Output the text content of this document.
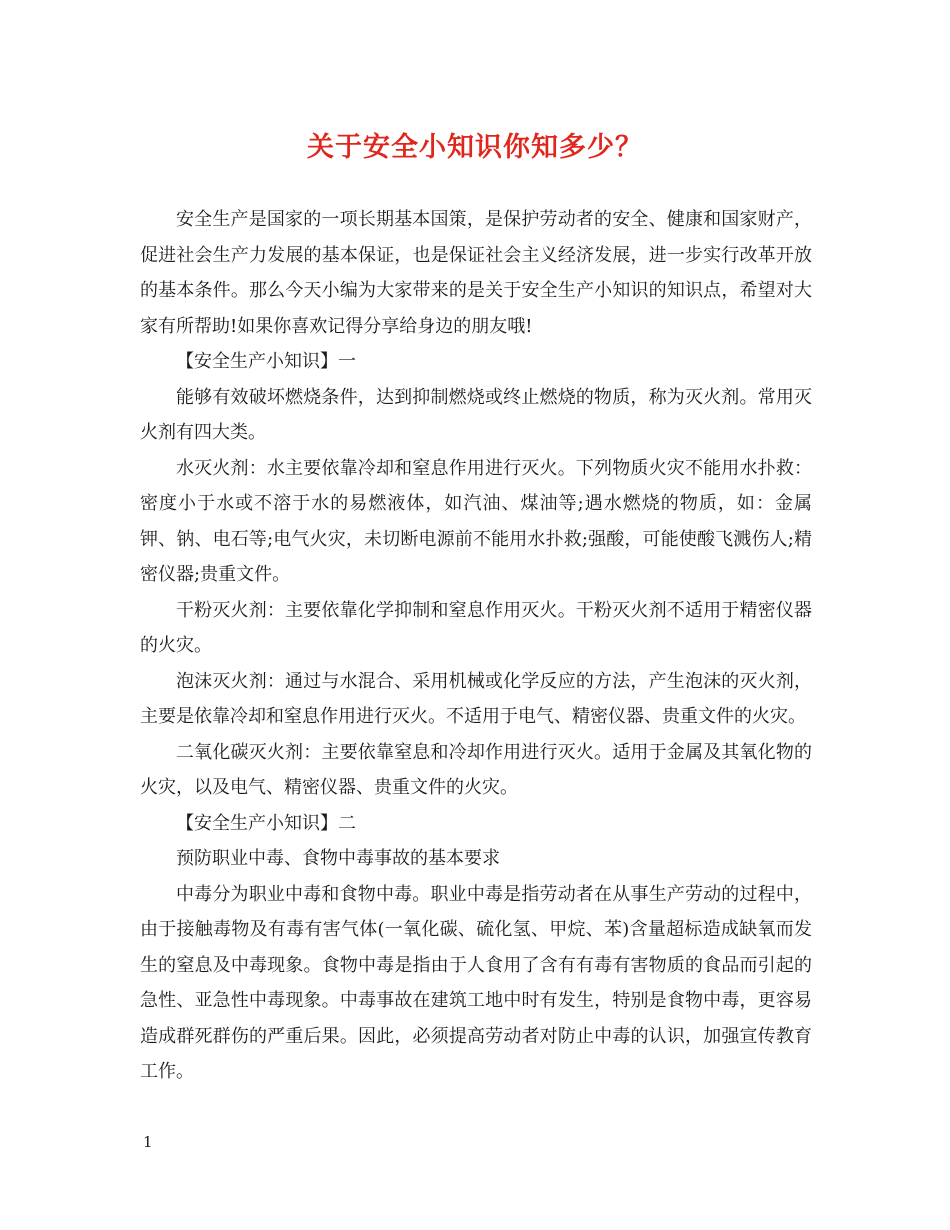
关于安全小知识你知多少？

安全生产是国家的一项长期基本国策，是保护劳动者的安全、健康和国家财产，促进社会生产力发展的基本保证，也是保证社会主义经济发展，进一步实行改革开放的基本条件。那么今天小编为大家带来的是关于安全生产小知识的知识点，希望对大家有所帮助!如果你喜欢记得分享给身边的朋友哦!

【安全生产小知识】一

能够有效破坏燃烧条件，达到抑制燃烧或终止燃烧的物质，称为灭火剂。常用灭火剂有四大类。

水灭火剂：水主要依靠冷却和窒息作用进行灭火。下列物质火灾不能用水扑救：密度小于水或不溶于水的易燃液体，如汽油、煤油等;遇水燃烧的物质，如：金属钾、钠、电石等;电气火灾，未切断电源前不能用水扑救;强酸，可能使酸飞溅伤人;精密仪器;贵重文件。

干粉灭火剂：主要依靠化学抑制和窒息作用灭火。干粉灭火剂不适用于精密仪器的火灾。

泡沫灭火剂：通过与水混合、采用机械或化学反应的方法，产生泡沫的灭火剂，主要是依靠冷却和窒息作用进行灭火。不适用于电气、精密仪器、贵重文件的火灾。

二氧化碳灭火剂：主要依靠窒息和冷却作用进行灭火。适用于金属及其氧化物的火灾，以及电气、精密仪器、贵重文件的火灾。

【安全生产小知识】二

预防职业中毒、食物中毒事故的基本要求

中毒分为职业中毒和食物中毒。职业中毒是指劳动者在从事生产劳动的过程中，由于接触毒物及有毒有害气体(一氧化碳、硫化氢、甲烷、苯)含量超标造成缺氧而发生的窒息及中毒现象。食物中毒是指由于人食用了含有有毒有害物质的食品而引起的急性、亚急性中毒现象。中毒事故在建筑工地中时有发生，特别是食物中毒，更容易造成群死群伤的严重后果。因此，必须提高劳动者对防止中毒的认识，加强宣传教育工作。

1
